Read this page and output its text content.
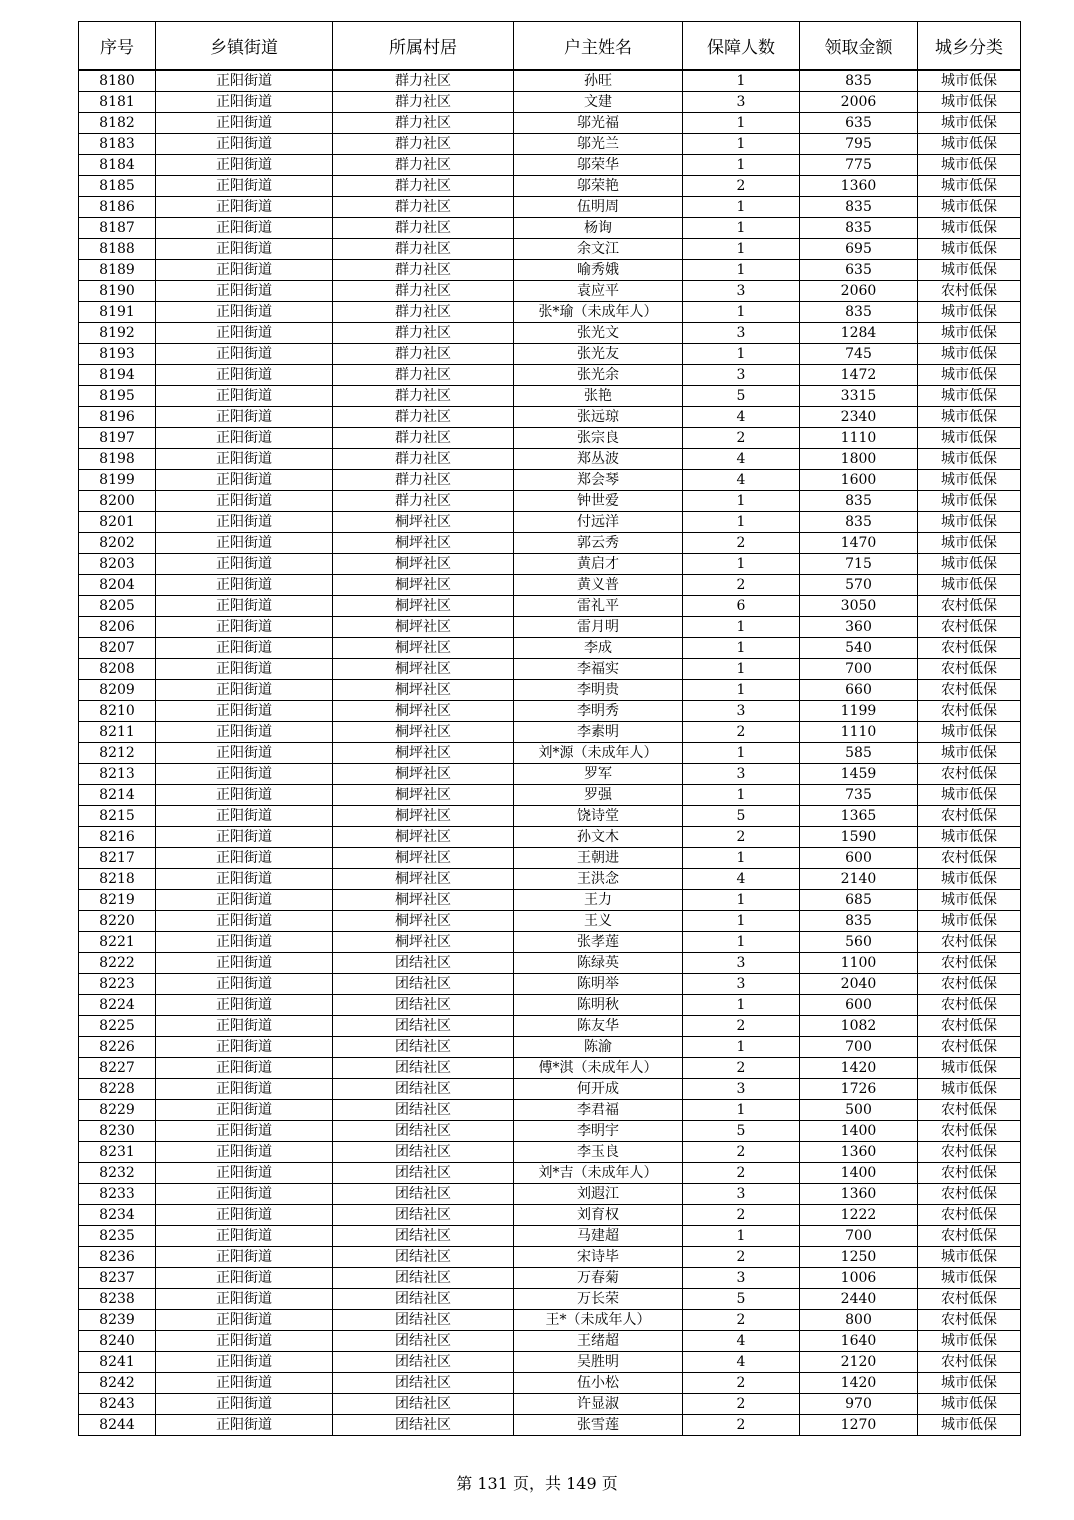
序号	乡镇街道	所属村居	户主姓名	保障人数	领取金额	城乡分类
8180	正阳街道	群力社区	孙旺	1	835	城市低保
8181	正阳街道	群力社区	文建	3	2006	城市低保
8182	正阳街道	群力社区	邬光福	1	635	城市低保
8183	正阳街道	群力社区	邬光兰	1	795	城市低保
8184	正阳街道	群力社区	邬荣华	1	775	城市低保
8185	正阳街道	群力社区	邬荣艳	2	1360	城市低保
8186	正阳街道	群力社区	伍明周	1	835	城市低保
8187	正阳街道	群力社区	杨询	1	835	城市低保
8188	正阳街道	群力社区	余文江	1	695	城市低保
8189	正阳街道	群力社区	喻秀娥	1	635	城市低保
8190	正阳街道	群力社区	袁应平	3	2060	农村低保
8191	正阳街道	群力社区	张*瑜（未成年人）	1	835	城市低保
8192	正阳街道	群力社区	张光文	3	1284	城市低保
8193	正阳街道	群力社区	张光友	1	745	城市低保
8194	正阳街道	群力社区	张光余	3	1472	城市低保
8195	正阳街道	群力社区	张艳	5	3315	城市低保
8196	正阳街道	群力社区	张远琼	4	2340	城市低保
8197	正阳街道	群力社区	张宗良	2	1110	城市低保
8198	正阳街道	群力社区	郑丛波	4	1800	城市低保
8199	正阳街道	群力社区	郑会琴	4	1600	城市低保
8200	正阳街道	群力社区	钟世爱	1	835	城市低保
8201	正阳街道	桐坪社区	付远洋	1	835	城市低保
8202	正阳街道	桐坪社区	郭云秀	2	1470	城市低保
8203	正阳街道	桐坪社区	黄启才	1	715	城市低保
8204	正阳街道	桐坪社区	黄义普	2	570	城市低保
8205	正阳街道	桐坪社区	雷礼平	6	3050	农村低保
8206	正阳街道	桐坪社区	雷月明	1	360	农村低保
8207	正阳街道	桐坪社区	李成	1	540	农村低保
8208	正阳街道	桐坪社区	李福实	1	700	农村低保
8209	正阳街道	桐坪社区	李明贵	1	660	农村低保
8210	正阳街道	桐坪社区	李明秀	3	1199	农村低保
8211	正阳街道	桐坪社区	李素明	2	1110	城市低保
8212	正阳街道	桐坪社区	刘*源（未成年人）	1	585	城市低保
8213	正阳街道	桐坪社区	罗军	3	1459	农村低保
8214	正阳街道	桐坪社区	罗强	1	735	城市低保
8215	正阳街道	桐坪社区	饶诗堂	5	1365	农村低保
8216	正阳街道	桐坪社区	孙文木	2	1590	城市低保
8217	正阳街道	桐坪社区	王朝进	1	600	农村低保
8218	正阳街道	桐坪社区	王洪念	4	2140	城市低保
8219	正阳街道	桐坪社区	王力	1	685	城市低保
8220	正阳街道	桐坪社区	王义	1	835	城市低保
8221	正阳街道	桐坪社区	张孝莲	1	560	农村低保
8222	正阳街道	团结社区	陈绿英	3	1100	农村低保
8223	正阳街道	团结社区	陈明举	3	2040	农村低保
8224	正阳街道	团结社区	陈明秋	1	600	农村低保
8225	正阳街道	团结社区	陈友华	2	1082	农村低保
8226	正阳街道	团结社区	陈渝	1	700	农村低保
8227	正阳街道	团结社区	傅*淇（未成年人）	2	1420	城市低保
8228	正阳街道	团结社区	何开成	3	1726	城市低保
8229	正阳街道	团结社区	李君福	1	500	农村低保
8230	正阳街道	团结社区	李明宇	5	1400	农村低保
8231	正阳街道	团结社区	李玉良	2	1360	农村低保
8232	正阳街道	团结社区	刘*吉（未成年人）	2	1400	农村低保
8233	正阳街道	团结社区	刘遐江	3	1360	农村低保
8234	正阳街道	团结社区	刘育权	2	1222	农村低保
8235	正阳街道	团结社区	马建超	1	700	农村低保
8236	正阳街道	团结社区	宋诗毕	2	1250	城市低保
8237	正阳街道	团结社区	万春菊	3	1006	城市低保
8238	正阳街道	团结社区	万长荣	5	2440	农村低保
8239	正阳街道	团结社区	王*（未成年人）	2	800	农村低保
8240	正阳街道	团结社区	王绪超	4	1640	城市低保
8241	正阳街道	团结社区	吴胜明	4	2120	农村低保
8242	正阳街道	团结社区	伍小松	2	1420	城市低保
8243	正阳街道	团结社区	许显淑	2	970	城市低保
8244	正阳街道	团结社区	张雪莲	2	1270	城市低保
第 131 页，共 149 页
